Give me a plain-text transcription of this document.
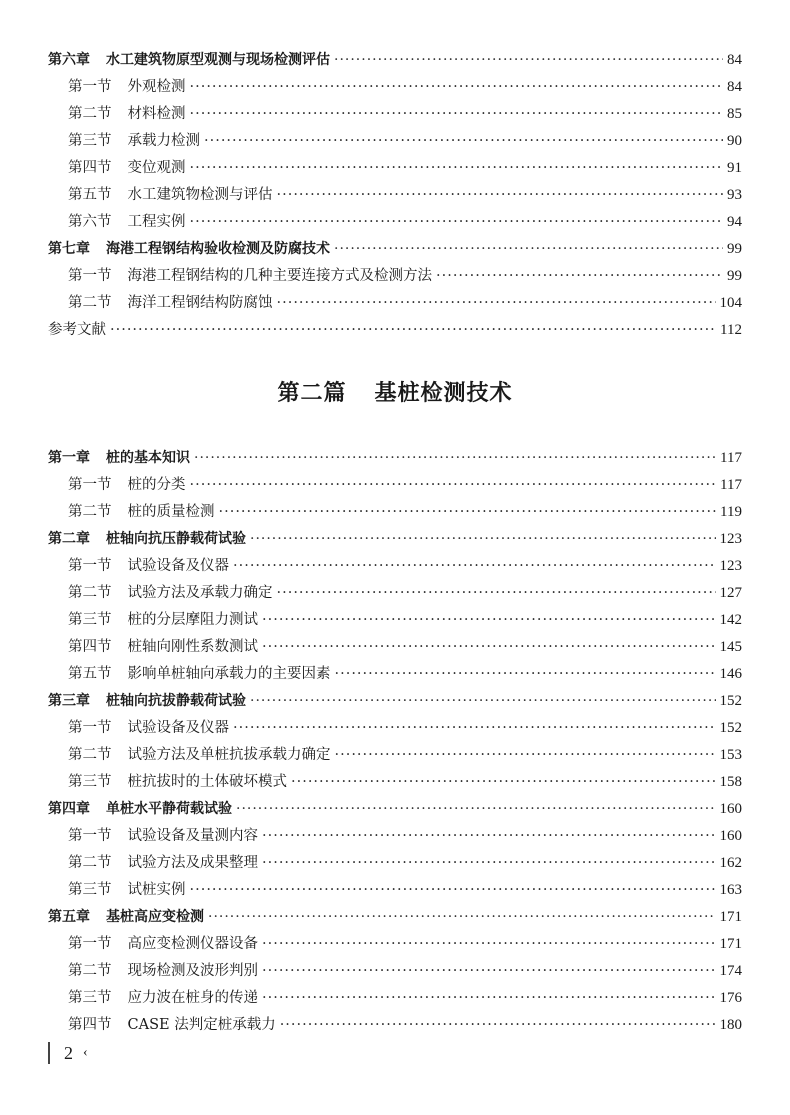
第六章 水工建筑物原型观测与现场检测评估 ·····	84
第一节 外观检测 ·····	84
第二节 材料检测 ·····	85
第三节 承载力检测 ·····	90
第四节 变位观测 ·····	91
第五节 水工建筑物检测与评估 ·····	93
第六节 工程实例 ·····	94
第七章 海港工程钢结构验收检测及防腐技术 ·····	99
第一节 海港工程钢结构的几种主要连接方式及检测方法 ·····	99
第二节 海洋工程钢结构防腐蚀 ·····	104
参考文献 ·····	112
第二篇 基桩检测技术
第一章 桩的基本知识 ·····	117
第一节 桩的分类 ·····	117
第二节 桩的质量检测 ·····	119
第二章 桩轴向抗压静载荷试验 ·····	123
第一节 试验设备及仪器 ·····	123
第二节 试验方法及承载力确定 ·····	127
第三节 桩的分层摩阻力测试 ·····	142
第四节 桩轴向刚性系数测试 ·····	145
第五节 影响单桩轴向承载力的主要因素 ·····	146
第三章 桩轴向抗拔静载荷试验 ·····	152
第一节 试验设备及仪器 ·····	152
第二节 试验方法及单桩抗拔承载力确定 ·····	153
第三节 桩抗拔时的土体破坏模式 ·····	158
第四章 单桩水平静荷载试验 ·····	160
第一节 试验设备及量测内容 ·····	160
第二节 试验方法及成果整理 ·····	162
第三节 试桩实例 ·····	163
第五章 基桩高应变检测 ·····	171
第一节 高应变检测仪器设备 ·····	171
第二节 现场检测及波形判别 ·····	174
第三节 应力波在桩身的传递 ·····	176
第四节 CASE 法判定桩承载力 ·····	180
2 ‹
